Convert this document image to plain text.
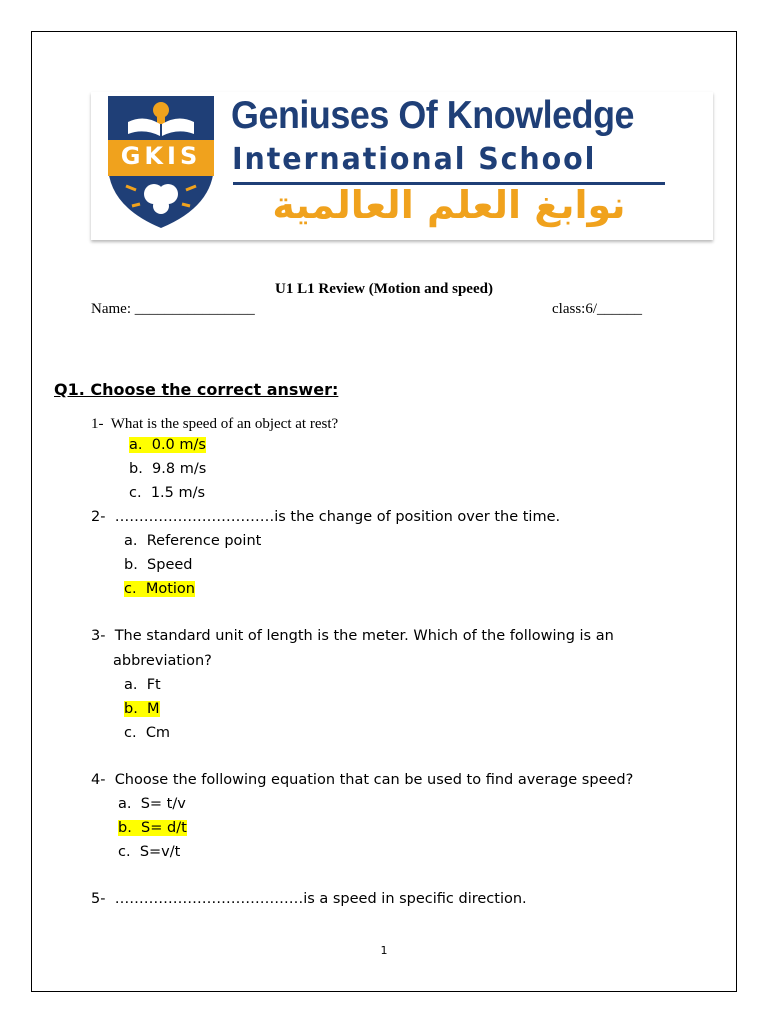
GKIS
Geniuses Of Knowledge
International School
نوابغ العلم العالمية
U1 L1 Review (Motion and speed)
Name: ________________	class:6/______
Q1. Choose the correct answer:
1- What is the speed of an object at rest?
a. 0.0 m/s
b. 9.8 m/s
c. 1.5 m/s
2- ……………………………is the change of position over the time.
a. Reference point
b. Speed
c. Motion
3- The standard unit of length is the meter. Which of the following is an
abbreviation?
a. Ft
b. M
c. Cm
4- Choose the following equation that can be used to find average speed?
a. S= t/v
b. S= d/t
c. S=v/t
5- …………………………………is a speed in specific direction.
1
